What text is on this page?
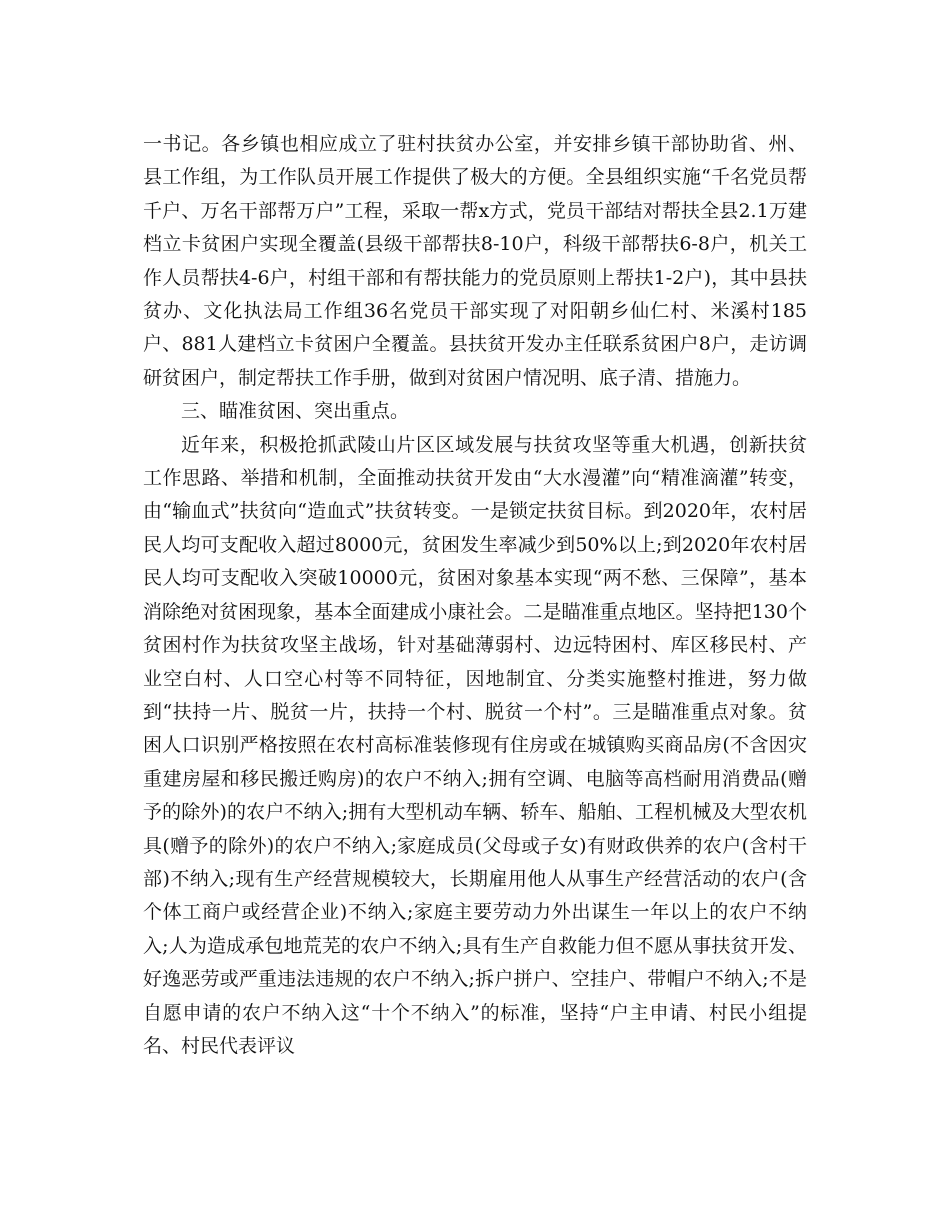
一书记。各乡镇也相应成立了驻村扶贫办公室，并安排乡镇干部协助省、州、县工作组，为工作队员开展工作提供了极大的方便。全县组织实施“千名党员帮千户、万名干部帮万户”工程，采取一帮x方式，党员干部结对帮扶全县2.1万建档立卡贫困户实现全覆盖(县级干部帮扶8-10户，科级干部帮扶6-8户，机关工作人员帮扶4-6户，村组干部和有帮扶能力的党员原则上帮扶1-2户)，其中县扶贫办、文化执法局工作组36名党员干部实现了对阳朝乡仙仁村、米溪村185户、881人建档立卡贫困户全覆盖。县扶贫开发办主任联系贫困户8户，走访调研贫困户，制定帮扶工作手册，做到对贫困户情况明、底子清、措施力。

三、瞄准贫困、突出重点。

近年来，积极抢抓武陵山片区区域发展与扶贫攻坚等重大机遇，创新扶贫工作思路、举措和机制，全面推动扶贫开发由“大水漫灌”向“精准滴灌”转变，由“输血式”扶贫向“造血式”扶贫转变。一是锁定扶贫目标。到2020年，农村居民人均可支配收入超过8000元，贫困发生率减少到50%以上;到2020年农村居民人均可支配收入突破10000元，贫困对象基本实现“两不愁、三保障”，基本消除绝对贫困现象，基本全面建成小康社会。二是瞄准重点地区。坚持把130个贫困村作为扶贫攻坚主战场，针对基础薄弱村、边远特困村、库区移民村、产业空白村、人口空心村等不同特征，因地制宜、分类实施整村推进，努力做到“扶持一片、脱贫一片，扶持一个村、脱贫一个村”。三是瞄准重点对象。贫困人口识别严格按照在农村高标准装修现有住房或在城镇购买商品房(不含因灾重建房屋和移民搬迁购房)的农户不纳入;拥有空调、电脑等高档耐用消费品(赠予的除外)的农户不纳入;拥有大型机动车辆、轿车、船舶、工程机械及大型农机具(赠予的除外)的农户不纳入;家庭成员(父母或子女)有财政供养的农户(含村干部)不纳入;现有生产经营规模较大，长期雇用他人从事生产经营活动的农户(含个体工商户或经营企业)不纳入;家庭主要劳动力外出谋生一年以上的农户不纳入;人为造成承包地荒芜的农户不纳入;具有生产自救能力但不愿从事扶贫开发、好逸恶劳或严重违法违规的农户不纳入;拆户拼户、空挂户、带帽户不纳入;不是自愿申请的农户不纳入这“十个不纳入”的标准，坚持“户主申请、村民小组提名、村民代表评议
